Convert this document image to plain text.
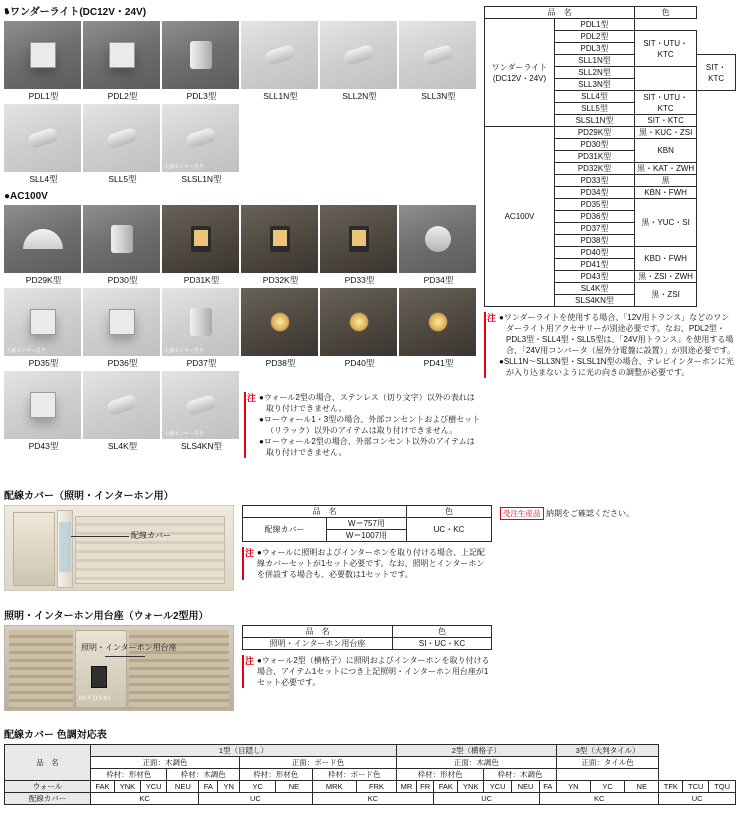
●
●ワンダーライト(DC12V・24V)
PDL1型	PDL2型	PDL3型	SLL1N型	SLL2N型	SLL3N型
SLL4型	SLL5型
人感センサー付き
SLSL1N型
●AC100V
PD29K型	PD30型	PD31K型	PD32K型	PD33型	PD34型
人感センサー付き
PD35型	PD36型
人感センサー付き
PD37型	PD38型	PD40型	PD41型
PD43型	SL4K型
人感センサー付き
SLS4KN型
注 ●ウォール2型の場合、ステンレス（切り文字）以外の表れは取り付けできません。

●ローウォール1・3型の場合、外部コンセントおよび樹セット（リラック）以外のアイテムは取り付けできません。

●ローウォール2型の場合、外部コンセント以外のアイテムは取り付けできません。

品　名		色	
ワンダーライト
(DC12V・24V)	PDL1型		
	PDL2型	SIT・UTU・KTC	
	PDL3型		
	SLL1N型		SIT・KTC
	SLL2N型		
	SLL3N型		
	SLL4型	SIT・UTU・KTC	
	SLL5型		
	SLSL1N型	SIT・KTC	
AC100V	PD29K型	黒・KUC・ZSI	
	PD30型	KBN	
	PD31K型		
	PD32K型	黒・KAT・ZWH	
	PD33型	黒	
	PD34型	KBN・FWH	
	PD35型	黒・YUC・SI	
	PD36型		
	PD37型		
	PD38型		
	PD40型	KBD・FWH	
	PD41型		
	PD43型	黒・ZSI・ZWH	
	SL4K型	黒・ZSI	
	SLS4KN型		
注 ●ワンダーライトを使用する場合、「12V用トランス」などのワンダーライト用アクセサリーが別途必要です。なお、PDL2型・PDL3型・SLL4型・SLL5型は、「24V用トランス」を使用する場合、「24V用コンバータ（屋外分電盤に設置）」が別途必要です。

●SLL1N～SLL3N型・SLSL1N型の場合、テレビインターホンに光が入り込まないように光の向きの調整が必要です。

配線カバー（照明・インターホン用）
配線カバー
品　名		色
配線カバー	W＝757用	UC・KC
	W＝1007用	
注 ●ウォールに照明およびインターホンを取り付ける場合、上記配線カバーセットが1セット必要です。なお、照明とインターホンを併設する場合も、必要数は1セットです。
受注生産品 納期をご確認ください。
照明・インターホン用台座（ウォール2型用）
MIYOSHI
照明・インターホン用台座
品　名	色
照明・インターホン用台座	SI・UC・KC
注 ●ウォール2型（横格子）に照明およびインターホンを取り付ける場合、アイテム1セットにつき上記照明・インターホン用台座が1セット必要です。
配線カバー 色調対応表
品　名	1型（目隠し）										2型（横格子）							3型（大判タイル）					
	正面：木調色						正面：ボード色				正面：木調色							正面：タイル色					
	枠材：形材色			枠材：木調色			枠材：形材色		枠材：ボード色		枠材：形材色				枠材：木調色								
ウォール	FAK	YNK	YCU	NEU	FA	YN	YC	NE	MRK	FRK	MR	FR	FAK	YNK	YCU	NEU	FA	YN	YC	NE	TFK	TCU	TQU
配線カバー	KC				UC				KC				UC				KC				UC		
